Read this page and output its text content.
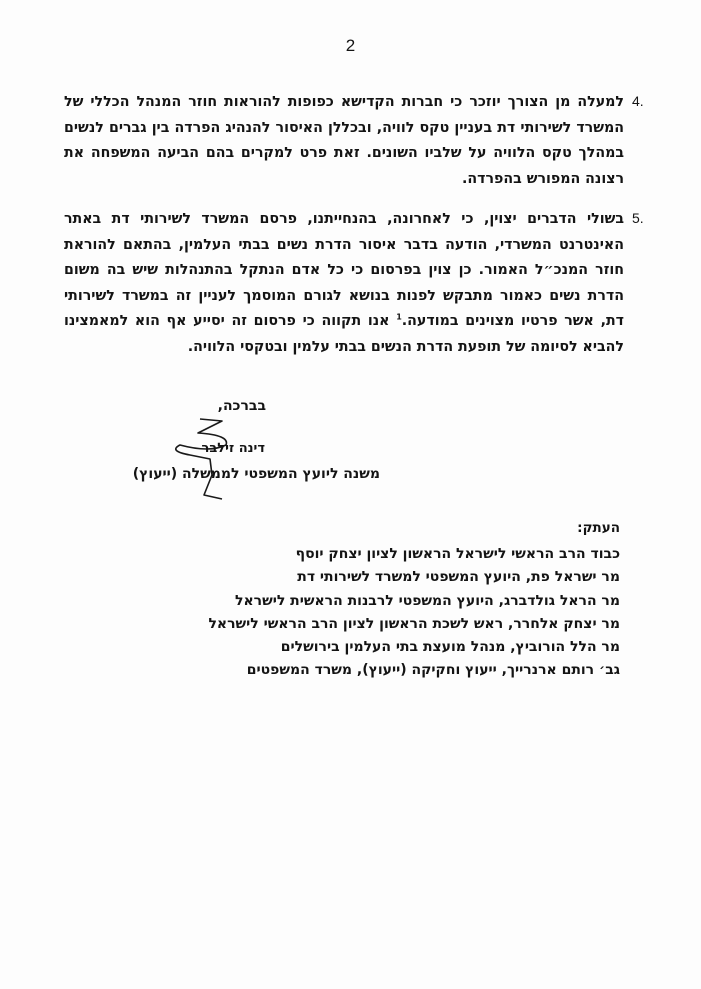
2
4.

למעלה מן הצורך יוזכר כי חברות הקדישא כפופות להוראות חוזר המנהל הכללי של המשרד לשירותי דת בעניין טקס לוויה, ובכללן האיסור להנהיג הפרדה בין גברים לנשים במהלך טקס הלוויה על שלביו השונים. זאת פרט למקרים בהם הביעה המשפחה את רצונה המפורש בהפרדה.

5.

בשולי הדברים יצוין, כי לאחרונה, בהנחייתנו, פרסם המשרד לשירותי דת באתר האינטרנט המשרדי, הודעה בדבר איסור הדרת נשים בבתי העלמין, בהתאם להוראת חוזר המנכ״ל האמור. כן צוין בפרסום כי כל אדם הנתקל בהתנהלות שיש בה משום הדרת נשים כאמור מתבקש לפנות בנושא לגורם המוסמך לעניין זה במשרד לשירותי דת, אשר פרטיו מצוינים במודעה.$^1$ אנו תקווה כי פרסום זה יסייע אף הוא למאמצינו להביא לסיומה של תופעת הדרת הנשים בבתי עלמין ובטקסי הלוויה.

בברכה,
דינה זילבר
משנה ליועץ המשפטי לממשלה (ייעוץ)
העתק:
כבוד הרב הראשי לישראל הראשון לציון יצחק יוסף
מר ישראל פת, היועץ המשפטי למשרד לשירותי דת
מר הראל גולדברג, היועץ המשפטי לרבנות הראשית לישראל
מר יצחק אלחרר, ראש לשכת הראשון לציון הרב הראשי לישראל
מר הלל הורוביץ, מנהל מועצת בתי העלמין בירושלים
גב׳ רותם ארנרייך, ייעוץ וחקיקה (ייעוץ), משרד המשפטים
